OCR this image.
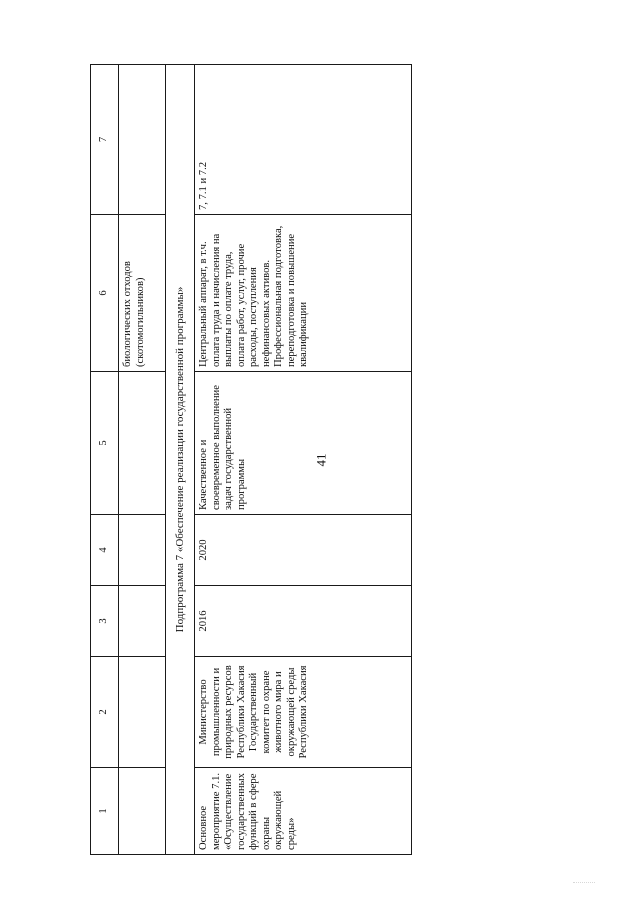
41
1	2	3	4	5	6	7
					биологических отходов (скотомогильников)	
Подпрограмма 7 «Обеспечение реализации государственной программы»						
Основное мероприятие 7.1. «Осуществление государственных функций в сфере охраны окружающей среды»	Министерство промышленности и природных ресурсов Республики Хакасия Государственный комитет по охране животного мира и окружающей среды Республики Хакасия	2016	2020	Качественное и своевременное выполнение задач государственной программы	Центральный аппарат, в т.ч. оплата труда и начисления на выплаты по оплате труда, оплата работ, услуг, прочие расходы, поступления нефинансовых активов. Профессиональная подготовка, переподготовка и повышение квалификации	7, 7.1 и 7.2
